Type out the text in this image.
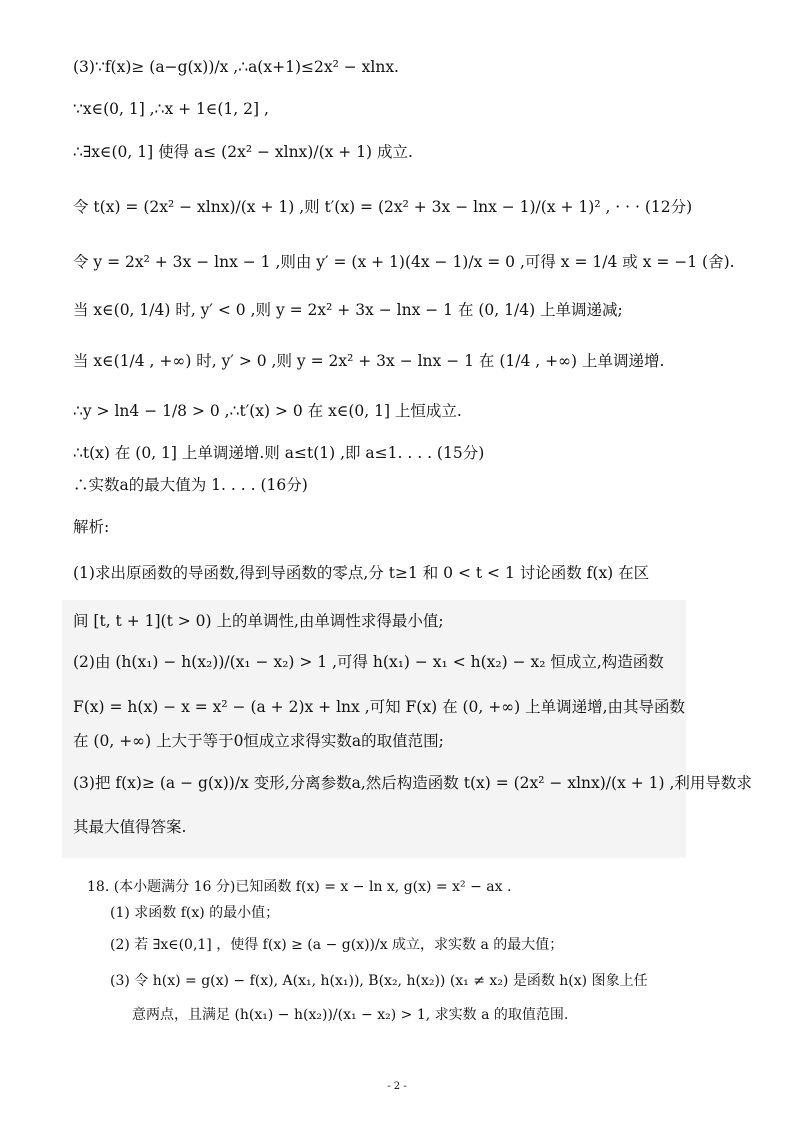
(3)∵f(x)≥ (a−g(x))/x ,∴a(x+1)≤2x² − xlnx.
∵x∈(0, 1] ,∴x + 1∈(1, 2] ,
∴∃x∈(0, 1] 使得 a≤ (2x² − xlnx)/(x + 1) 成立.
令 t(x) = (2x² − xlnx)/(x + 1) ,则 t′(x) = (2x² + 3x − lnx − 1)/(x + 1)² , · · · (12分)
令 y = 2x² + 3x − lnx − 1 ,则由 y′ = (x + 1)(4x − 1)/x = 0 ,可得 x = 1/4 或 x = −1 (舍).
当 x∈(0, 1/4) 时, y′ < 0 ,则 y = 2x² + 3x − lnx − 1 在 (0, 1/4) 上单调递减;
当 x∈(1/4 , +∞) 时, y′ > 0 ,则 y = 2x² + 3x − lnx − 1 在 (1/4 , +∞) 上单调递增.
∴y > ln4 − 1/8 > 0 ,∴t′(x) > 0 在 x∈(0, 1] 上恒成立.
∴t(x) 在 (0, 1] 上单调递增.则 a≤t(1) ,即 a≤1. . . . (15分)
∴实数a的最大值为 1. . . . (16分)
解析:
(1)求出原函数的导函数,得到导函数的零点,分 t≥1 和 0 < t < 1 讨论函数 f(x) 在区
间 [t, t + 1](t > 0) 上的单调性,由单调性求得最小值;
(2)由 (h(x₁) − h(x₂))/(x₁ − x₂) > 1 ,可得 h(x₁) − x₁ < h(x₂) − x₂ 恒成立,构造函数
F(x) = h(x) − x = x² − (a + 2)x + lnx ,可知 F(x) 在 (0, +∞) 上单调递增,由其导函数
在 (0, +∞) 上大于等于0恒成立求得实数a的取值范围;
(3)把 f(x)≥ (a − g(x))/x 变形,分离参数a,然后构造函数 t(x) = (2x² − xlnx)/(x + 1) ,利用导数求
其最大值得答案.
18. (本小题满分 16 分)已知函数 f(x) = x − ln x, g(x) = x² − ax .
(1) 求函数 f(x) 的最小值；
(2) 若 ∃x∈(0,1] ，使得 f(x) ≥ (a − g(x))/x 成立，求实数 a 的最大值；
(3) 令 h(x) = g(x) − f(x), A(x₁, h(x₁)), B(x₂, h(x₂)) (x₁ ≠ x₂) 是函数 h(x) 图象上任
意两点，且满足 (h(x₁) − h(x₂))/(x₁ − x₂) > 1, 求实数 a 的取值范围.
- 2 -
